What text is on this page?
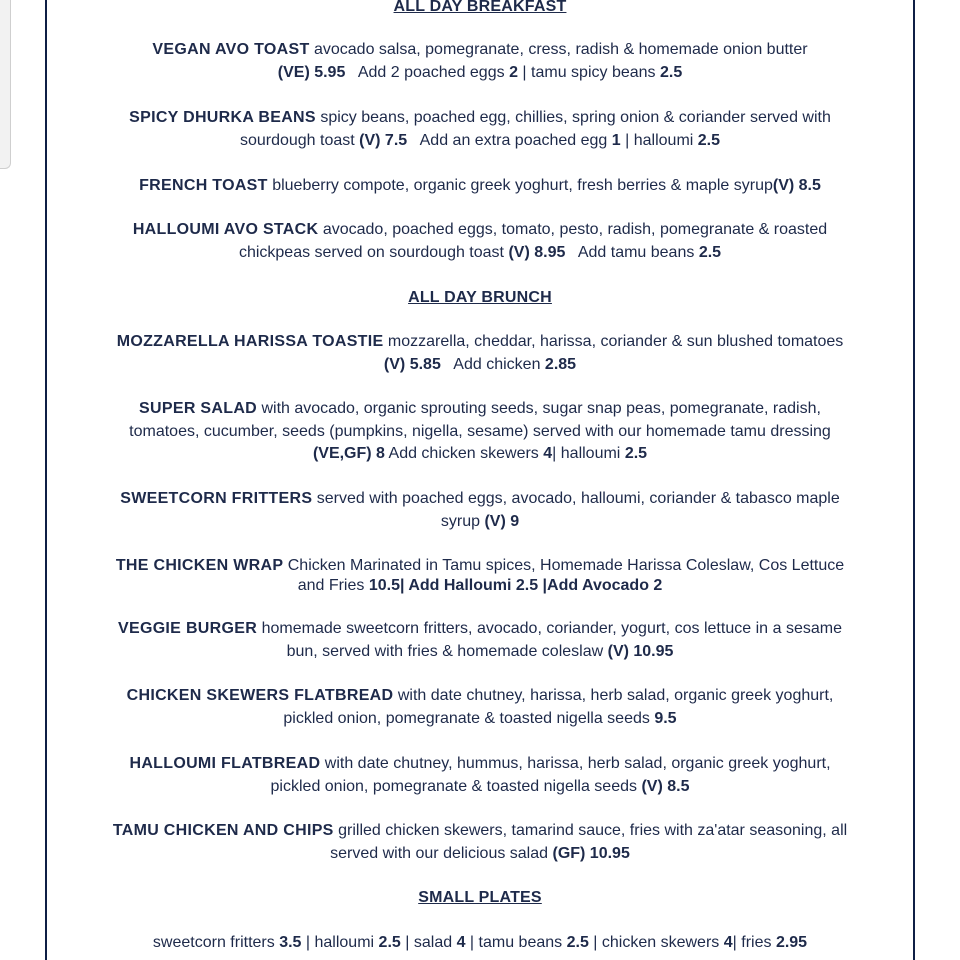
ALL DAY BREAKFAST
VEGAN AVO TOAST avocado salsa, pomegranate, cress, radish & homemade onion butter
(VE) 5.95 Add 2 poached eggs 2 | tamu spicy beans 2.5
SPICY DHURKA BEANS spicy beans, poached egg, chillies, spring onion & coriander served with sourdough toast (V) 7.5 Add an extra poached egg 1 | halloumi 2.5
FRENCH TOAST blueberry compote, organic greek yoghurt, fresh berries & maple syrup(V) 8.5
HALLOUMI AVO STACK avocado, poached eggs, tomato, pesto, radish, pomegranate & roasted chickpeas served on sourdough toast (V) 8.95 Add tamu beans 2.5
ALL DAY BRUNCH
MOZZARELLA HARISSA TOASTIE mozzarella, cheddar, harissa, coriander & sun blushed tomatoes (V) 5.85 Add chicken 2.85
SUPER SALAD with avocado, organic sprouting seeds, sugar snap peas, pomegranate, radish, tomatoes, cucumber, seeds (pumpkins, nigella, sesame) served with our homemade tamu dressing (VE,GF) 8 Add chicken skewers 4| halloumi 2.5
SWEETCORN FRITTERS served with poached eggs, avocado, halloumi, coriander & tabasco maple syrup (V) 9
THE CHICKEN WRAP Chicken Marinated in Tamu spices, Homemade Harissa Coleslaw, Cos Lettuce and Fries 10.5| Add Halloumi 2.5 |Add Avocado 2
VEGGIE BURGER homemade sweetcorn fritters, avocado, coriander, yogurt, cos lettuce in a sesame bun, served with fries & homemade coleslaw (V) 10.95
CHICKEN SKEWERS FLATBREAD with date chutney, harissa, herb salad, organic greek yoghurt, pickled onion, pomegranate & toasted nigella seeds 9.5
HALLOUMI FLATBREAD with date chutney, hummus, harissa, herb salad, organic greek yoghurt, pickled onion, pomegranate & toasted nigella seeds (V) 8.5
TAMU CHICKEN AND CHIPS grilled chicken skewers, tamarind sauce, fries with za'atar seasoning, all served with our delicious salad (GF) 10.95
SMALL PLATES
sweetcorn fritters 3.5 | halloumi 2.5 | salad 4 | tamu beans 2.5 | chicken skewers 4| fries 2.95
